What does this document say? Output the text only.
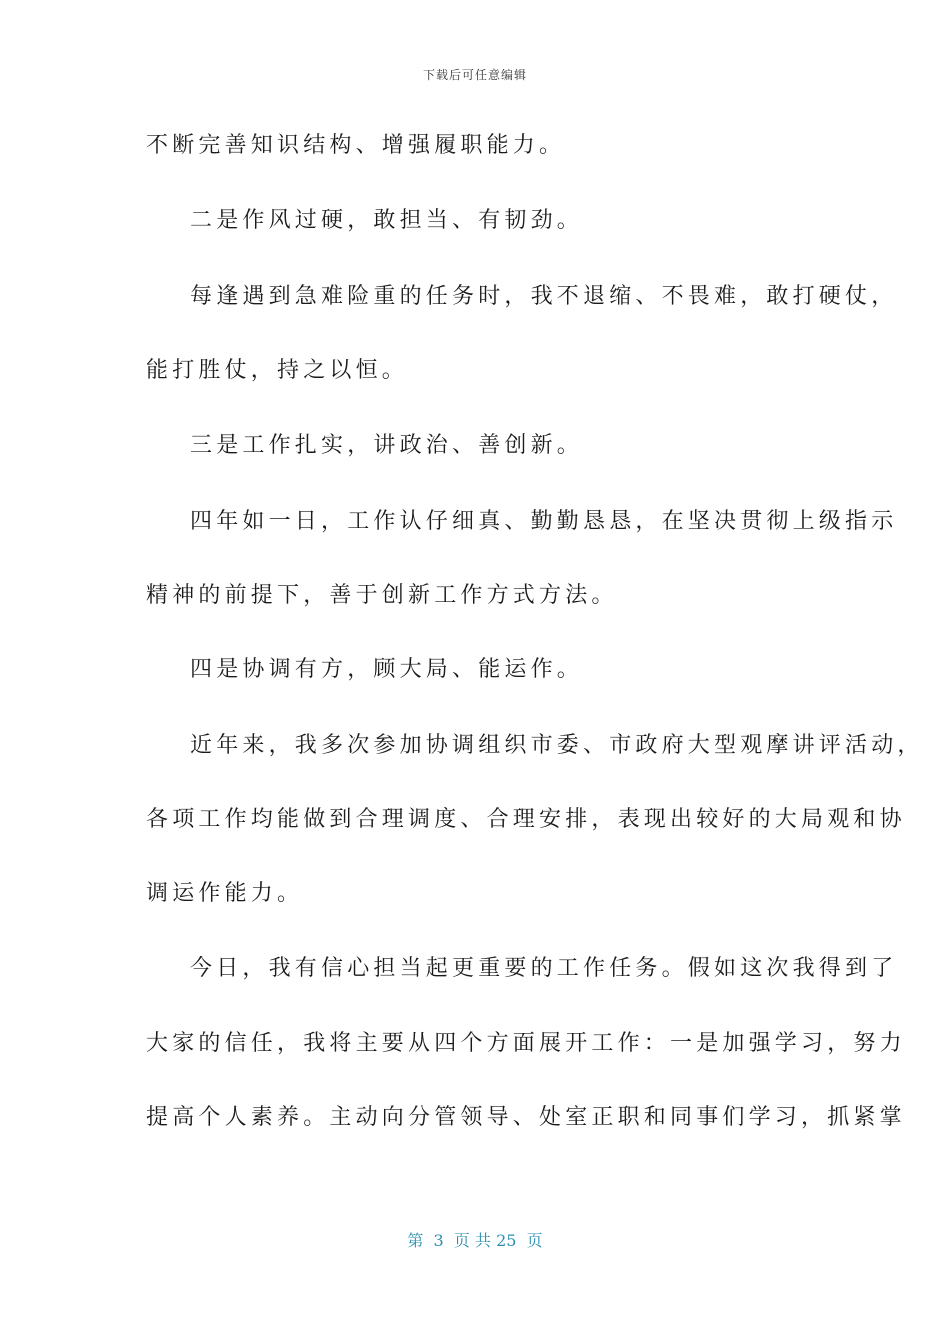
下载后可任意编辑
不断完善知识结构、增强履职能力。
二是作风过硬，敢担当、有韧劲。
每逢遇到急难险重的任务时，我不退缩、不畏难，敢打硬仗，
能打胜仗，持之以恒。
三是工作扎实，讲政治、善创新。
四年如一日，工作认仔细真、勤勤恳恳，在坚决贯彻上级指示
精神的前提下，善于创新工作方式方法。
四是协调有方，顾大局、能运作。
近年来，我多次参加协调组织市委、市政府大型观摩讲评活动，
各项工作均能做到合理调度、合理安排，表现出较好的大局观和协
调运作能力。
今日，我有信心担当起更重要的工作任务。假如这次我得到了
大家的信任，我将主要从四个方面展开工作：一是加强学习，努力
提高个人素养。主动向分管领导、处室正职和同事们学习，抓紧掌
第  3  页 共 25  页
